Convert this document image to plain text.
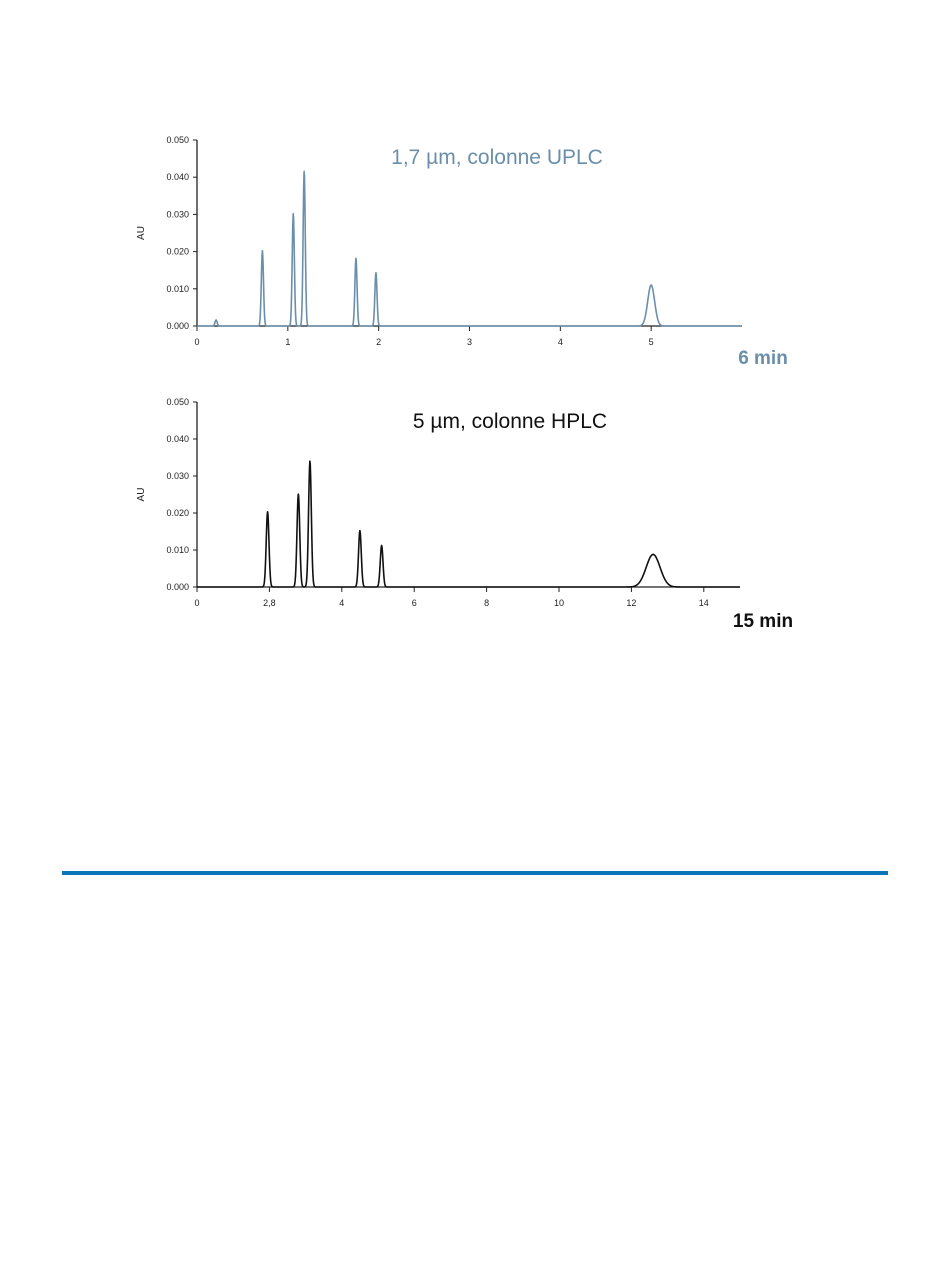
0.000
0.010
0.020
0.030
0.040
0.050
0	1	2	3	4	5
AU
6 min
1,7 µm, colonne UPLC
0.000
0.010
0.020
0.030
0.040
0.050
0	2,8	4	6	8	10	12	14
AU
15 min
5 µm, colonne HPLC
